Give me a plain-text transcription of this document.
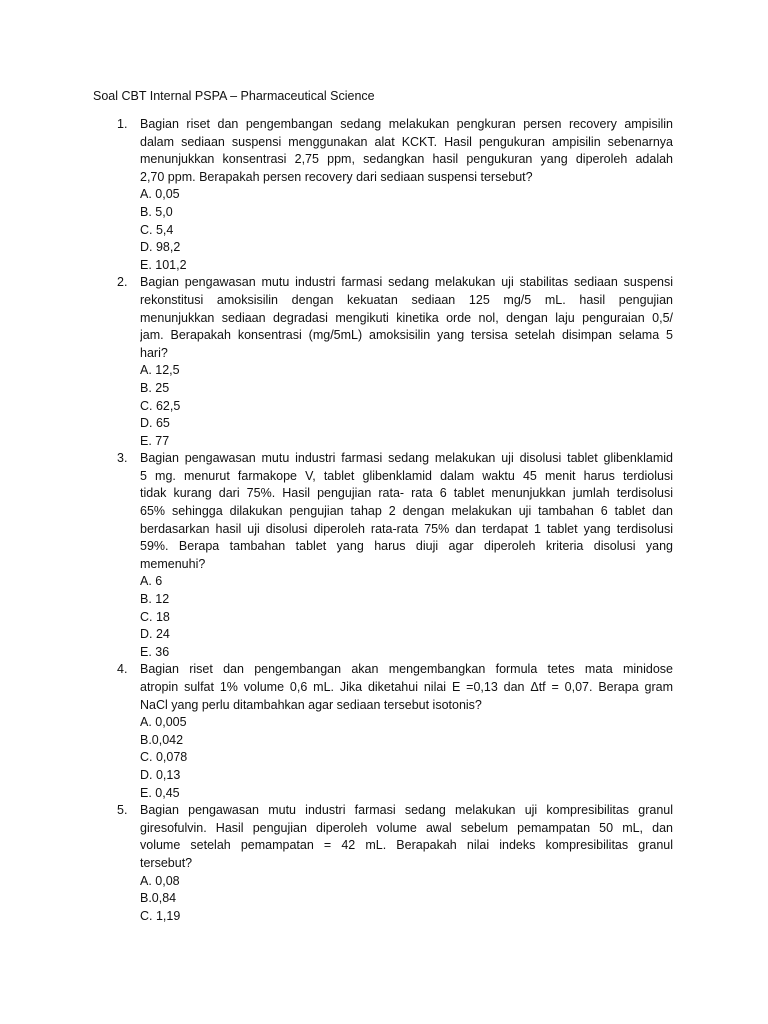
Soal CBT Internal PSPA – Pharmaceutical Science
1. Bagian riset dan pengembangan sedang melakukan pengkuran persen recovery ampisilin
dalam sediaan suspensi menggunakan alat KCKT. Hasil pengukuran ampisilin sebenarnya
menunjukkan konsentrasi 2,75 ppm, sedangkan hasil pengukuran yang diperoleh adalah
2,70 ppm. Berapakah persen recovery dari sediaan suspensi tersebut?
A. 0,05
B. 5,0
C. 5,4
D. 98,2
E. 101,2
2. Bagian pengawasan mutu industri farmasi sedang melakukan uji stabilitas sediaan suspensi
rekonstitusi amoksisilin dengan kekuatan sediaan 125 mg/5 mL. hasil pengujian
menunjukkan sediaan degradasi mengikuti kinetika orde nol, dengan laju penguraian 0,5/
jam. Berapakah konsentrasi (mg/5mL) amoksisilin yang tersisa setelah disimpan selama 5
hari?
A. 12,5
B. 25
C. 62,5
D. 65
E. 77
3. Bagian pengawasan mutu industri farmasi sedang melakukan uji disolusi tablet glibenklamid
5 mg. menurut farmakope V, tablet glibenklamid dalam waktu 45 menit harus terdiolusi
tidak kurang dari 75%. Hasil pengujian rata- rata 6 tablet menunjukkan jumlah terdisolusi
65% sehingga dilakukan pengujian tahap 2 dengan melakukan uji tambahan 6 tablet dan
berdasarkan hasil uji disolusi diperoleh rata-rata 75% dan terdapat 1 tablet yang terdisolusi
59%. Berapa tambahan tablet yang harus diuji agar diperoleh kriteria disolusi yang
memenuhi?
A. 6
B. 12
C. 18
D. 24
E. 36
4. Bagian riset dan pengembangan akan mengembangkan formula tetes mata minidose
atropin sulfat 1% volume 0,6 mL. Jika diketahui nilai E =0,13 dan Δtf = 0,07. Berapa gram
NaCl yang perlu ditambahkan agar sediaan tersebut isotonis?
A. 0,005
B.0,042
C. 0,078
D. 0,13
E. 0,45
5. Bagian pengawasan mutu industri farmasi sedang melakukan uji kompresibilitas granul
giresofulvin. Hasil pengujian diperoleh volume awal sebelum pemampatan 50 mL, dan
volume setelah pemampatan = 42 mL. Berapakah nilai indeks kompresibilitas granul
tersebut?
A. 0,08
B.0,84
C. 1,19
